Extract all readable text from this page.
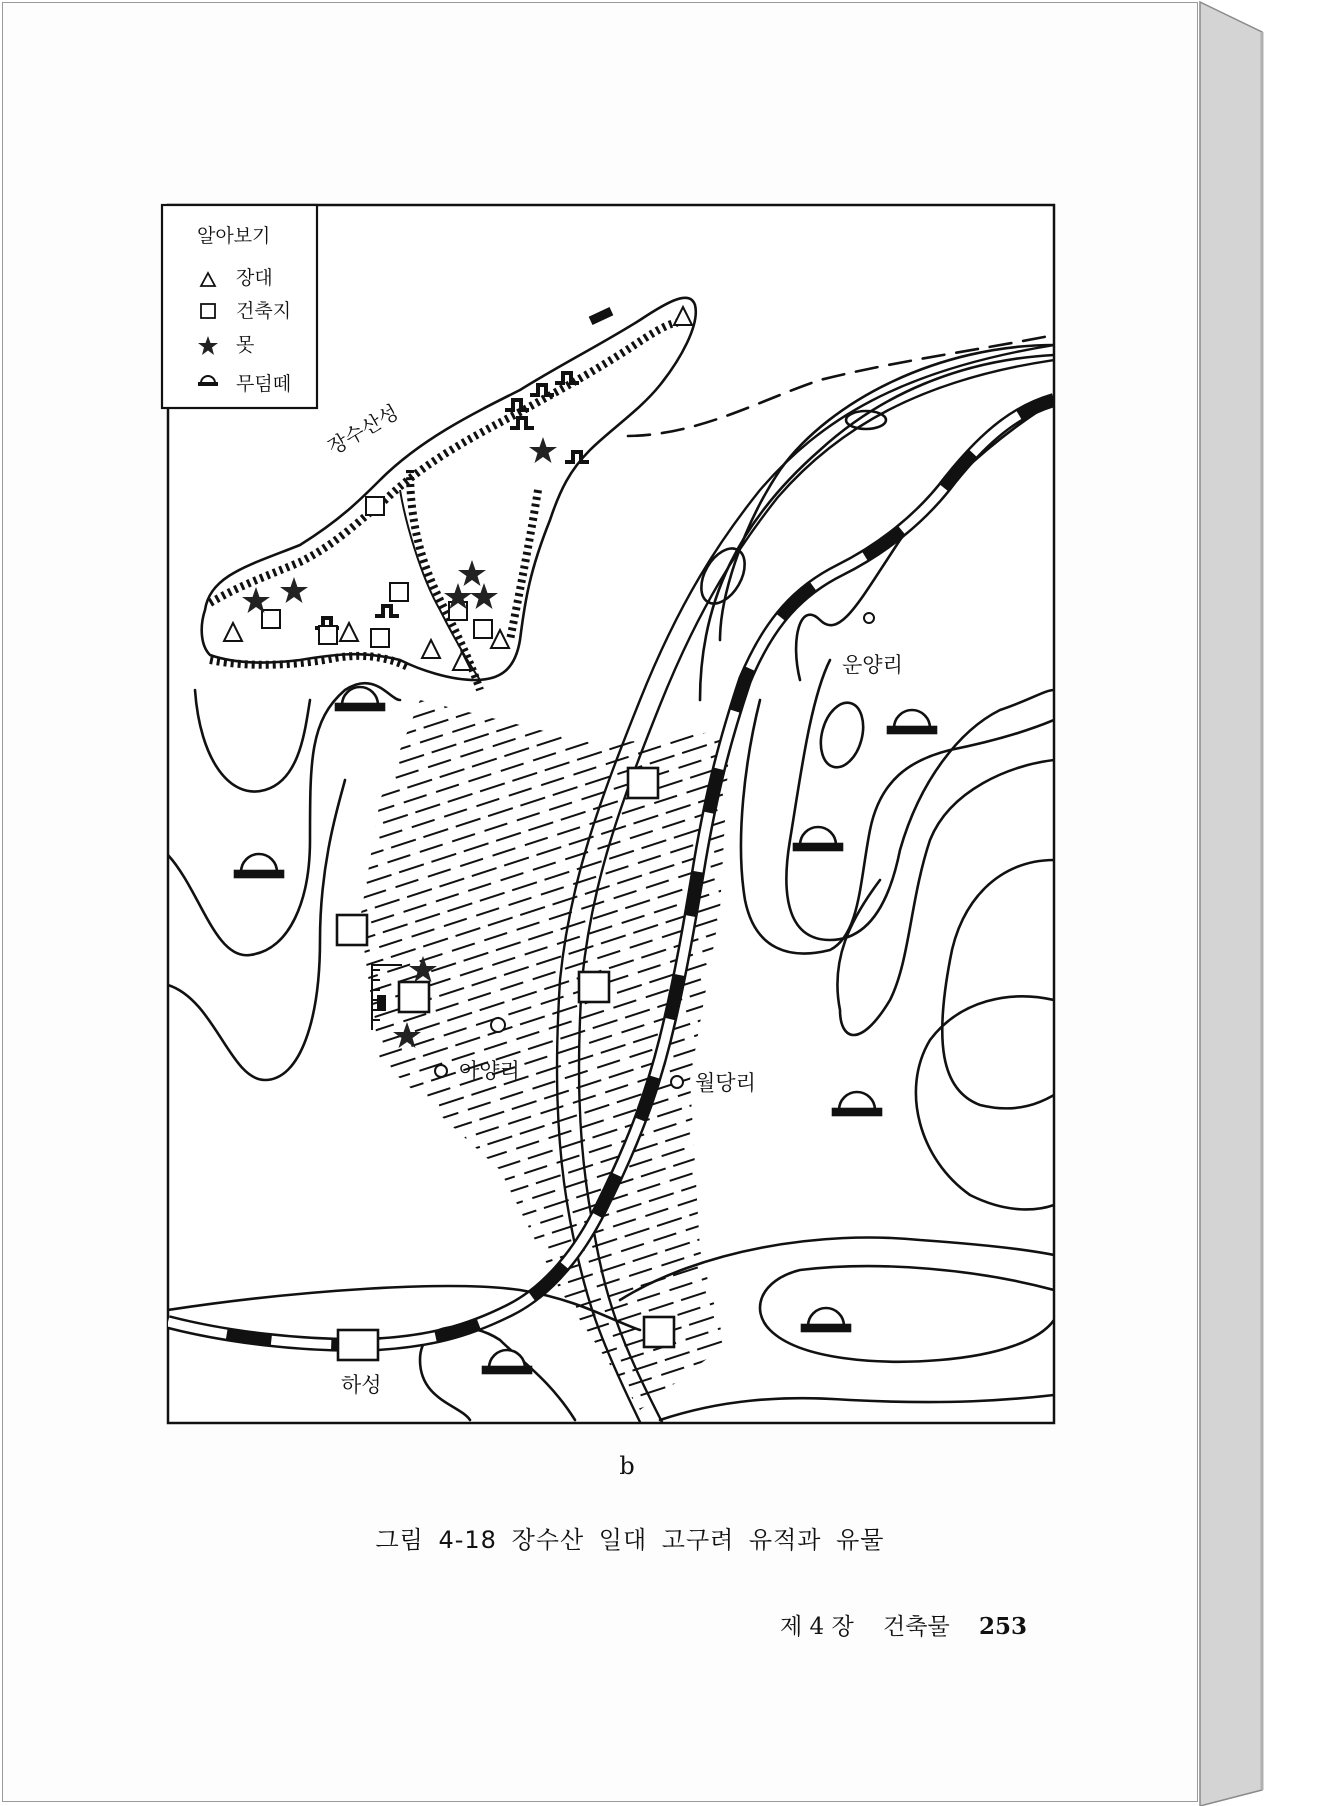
장수산성
운양리
아양리	월당리
하성
알아보기
장대
건축지
못
무덤떼
b
그림 4-18 장수산 일대 고구려 유적과 유물
제 4 장 건축물 253
